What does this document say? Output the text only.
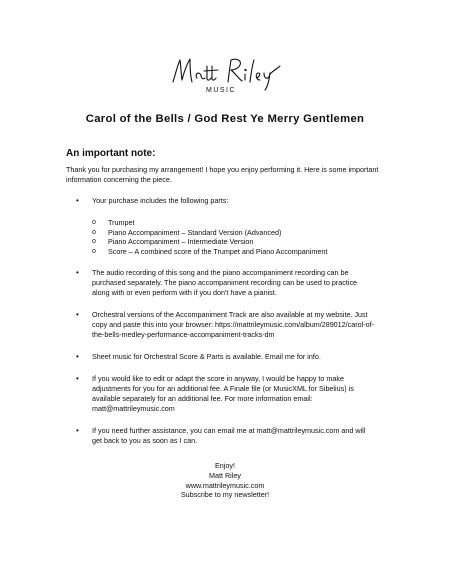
MUSIC
Carol of the Bells / God Rest Ye Merry Gentlemen
An important note:
Thank you for purchasing my arrangement! I hope you enjoy performing it. Here is some important information concerning the piece.
• Your purchase includes the following parts:
o Trumpet
o Piano Accompaniment – Standard Version (Advanced)
o Piano Accompaniment – Intermediate Version
o Score – A combined score of the Trumpet and Piano Accompaniment
• The audio recording of this song and the piano accompaniment recording can be purchased separately. The piano accompaniment recording can be used to practice along with or even perform with if you don't have a pianist.
• Orchestral versions of the Accompaniment Track are also available at my website. Just copy and paste this into your browser: https://mattrileymusic.com/album/289012/carol-of-the-bells-medley-performance-accompaniment-tracks-dm
• Sheet music for Orchestral Score & Parts is available. Email me for info.
• If you would like to edit or adapt the score in anyway, I would be happy to make adjustments for you for an additional fee. A Finale file (or MusicXML for Sibelius) is available separately for an additional fee. For more information email: matt@mattrileymusic.com
• If you need further assistance, you can email me at matt@mattrileymusic.com and will get back to you as soon as I can.
Enjoy!
Matt Riley
www.mattrileymusic.com
Subscribe to my newsletter!
